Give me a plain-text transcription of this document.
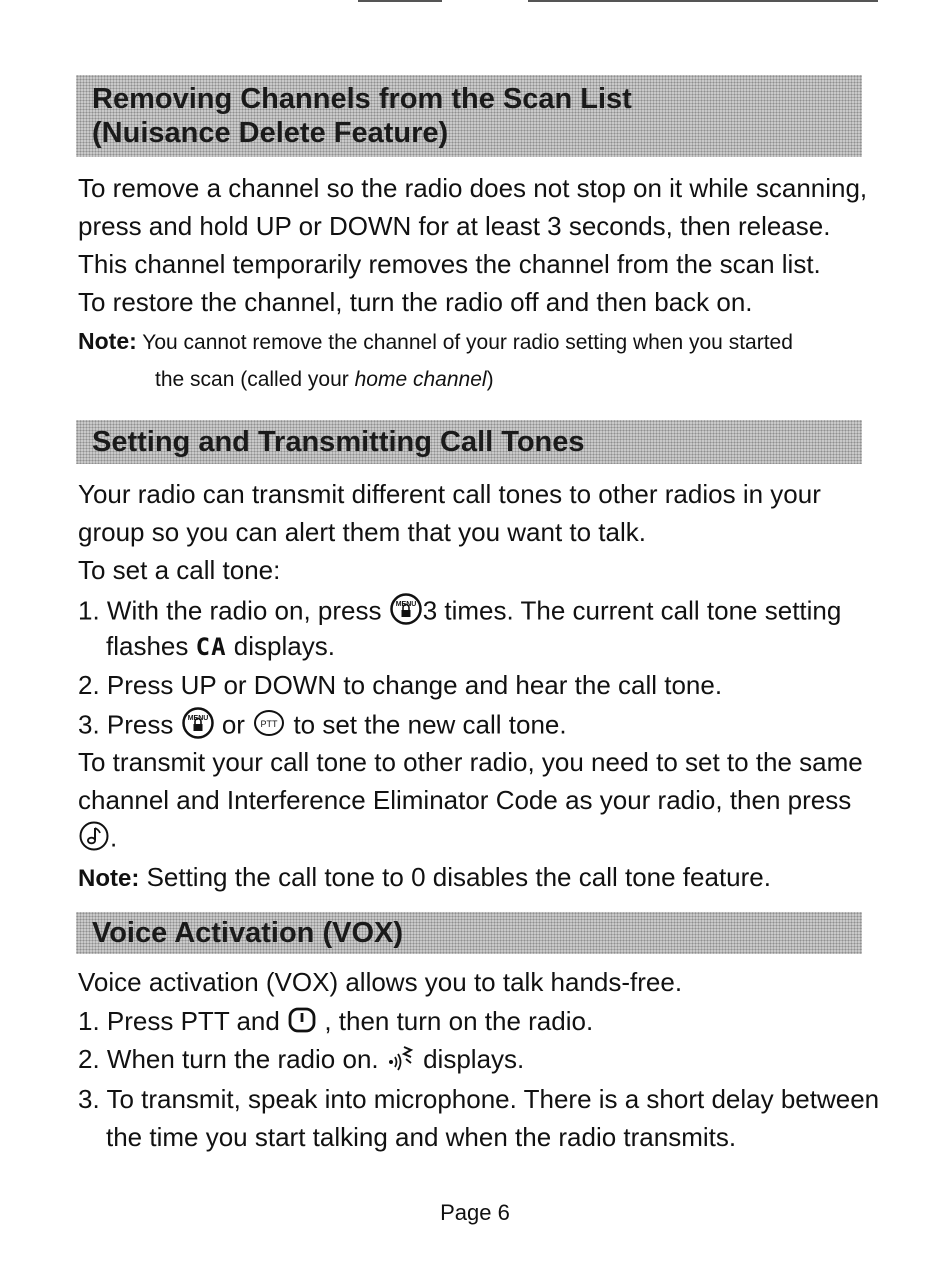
Removing Channels from the Scan List
(Nuisance Delete Feature)
To remove a channel so the radio does not stop on it while scanning,
press and hold UP or DOWN for at least 3 seconds, then release.
This channel temporarily removes the channel from the scan list.
To restore the channel, turn the radio off and then back on.
Note: You cannot remove the channel of your radio setting when you started
the scan (called your home channel)
Setting and Transmitting Call Tones
Your radio can transmit different call tones to other radios in your
group so you can alert them that you want to talk.
To set a call tone:
1. With the radio on, press MENU 3 times. The current call tone setting
flashes CA displays.
2. Press UP or DOWN to change and hear the call tone.
3. Press MENU or PTT to set the new call tone.
To transmit your call tone to other radio, you need to set to the same
channel and Interference Eliminator Code as your radio, then press
.
Note: Setting the call tone to 0 disables the call tone feature.
Voice Activation (VOX)
Voice activation (VOX) allows you to talk hands-free.
1. Press PTT and , then turn on the radio.
2. When turn the radio on. displays.
3. To transmit, speak into microphone. There is a short delay between
the time you start talking and when the radio transmits.
Page 6
